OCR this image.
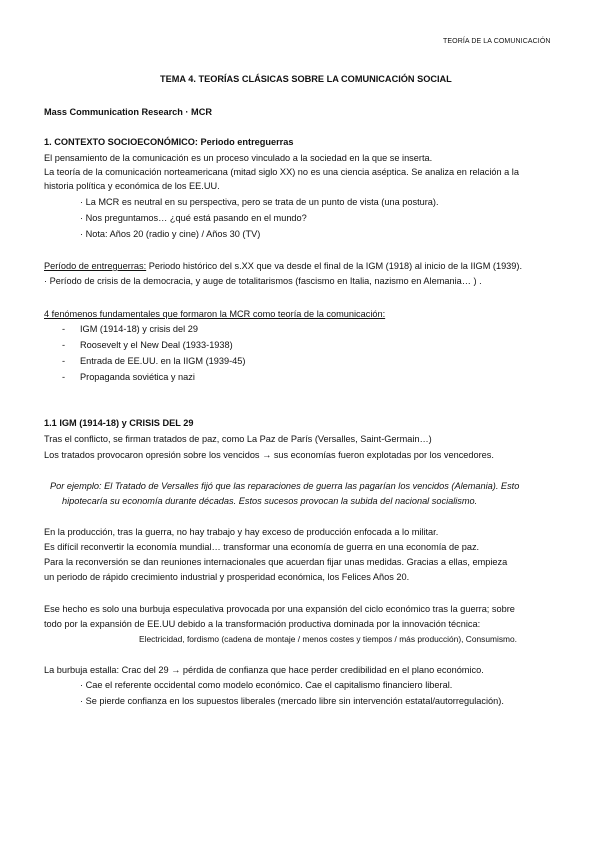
TEORÍA DE LA COMUNICACIÓN
TEMA 4. TEORÍAS CLÁSICAS SOBRE LA COMUNICACIÓN SOCIAL
Mass Communication Research · MCR
1. CONTEXTO SOCIOECONÓMICO: Periodo entreguerras
El pensamiento de la comunicación es un proceso vinculado a la sociedad en la que se inserta.
La teoría de la comunicación norteamericana (mitad siglo XX) no es una ciencia aséptica. Se analiza en relación a la
historia política y económica de los EE.UU.
· La MCR es neutral en su perspectiva, pero se trata de un punto de vista (una postura).
· Nos preguntamos… ¿qué está pasando en el mundo?
· Nota: Años 20 (radio y cine) / Años 30 (TV)
Período de entreguerras: Periodo histórico del s.XX que va desde el final de la IGM (1918) al inicio de la IIGM (1939).
· Período de crisis de la democracia, y auge de totalitarismos (fascismo en Italia, nazismo en Alemania… ) .
4 fenómenos fundamentales que formaron la MCR como teoría de la comunicación:
- IGM (1914-18) y crisis del 29
- Roosevelt y el New Deal (1933-1938)
- Entrada de EE.UU. en la IIGM (1939-45)
- Propaganda soviética y nazi
1.1 IGM (1914-18) y CRISIS DEL 29
Tras el conflicto, se firman tratados de paz, como La Paz de París (Versalles, Saint-Germain…)
Los tratados provocaron opresión sobre los vencidos → sus economías fueron explotadas por los vencedores.
Por ejemplo: El Tratado de Versalles fijó que las reparaciones de guerra las pagarían los vencidos (Alemania). Esto
hipotecaría su economía durante décadas. Estos sucesos provocan la subida del nacional socialismo.
En la producción, tras la guerra, no hay trabajo y hay exceso de producción enfocada a lo militar.
Es difícil reconvertir la economía mundial… transformar una economía de guerra en una economía de paz.
Para la reconversión se dan reuniones internacionales que acuerdan fijar unas medidas. Gracias a ellas, empieza
un periodo de rápido crecimiento industrial y prosperidad económica, los Felices Años 20.
Ese hecho es solo una burbuja especulativa provocada por una expansión del ciclo económico tras la guerra; sobre
todo por la expansión de EE.UU debido a la transformación productiva dominada por la innovación técnica:
Electricidad, fordismo (cadena de montaje / menos costes y tiempos / más producción), Consumismo.
La burbuja estalla: Crac del 29 → pérdida de confianza que hace perder credibilidad en el plano económico.
· Cae el referente occidental como modelo económico. Cae el capitalismo financiero liberal.
· Se pierde confianza en los supuestos liberales (mercado libre sin intervención estatal/autorregulación).
